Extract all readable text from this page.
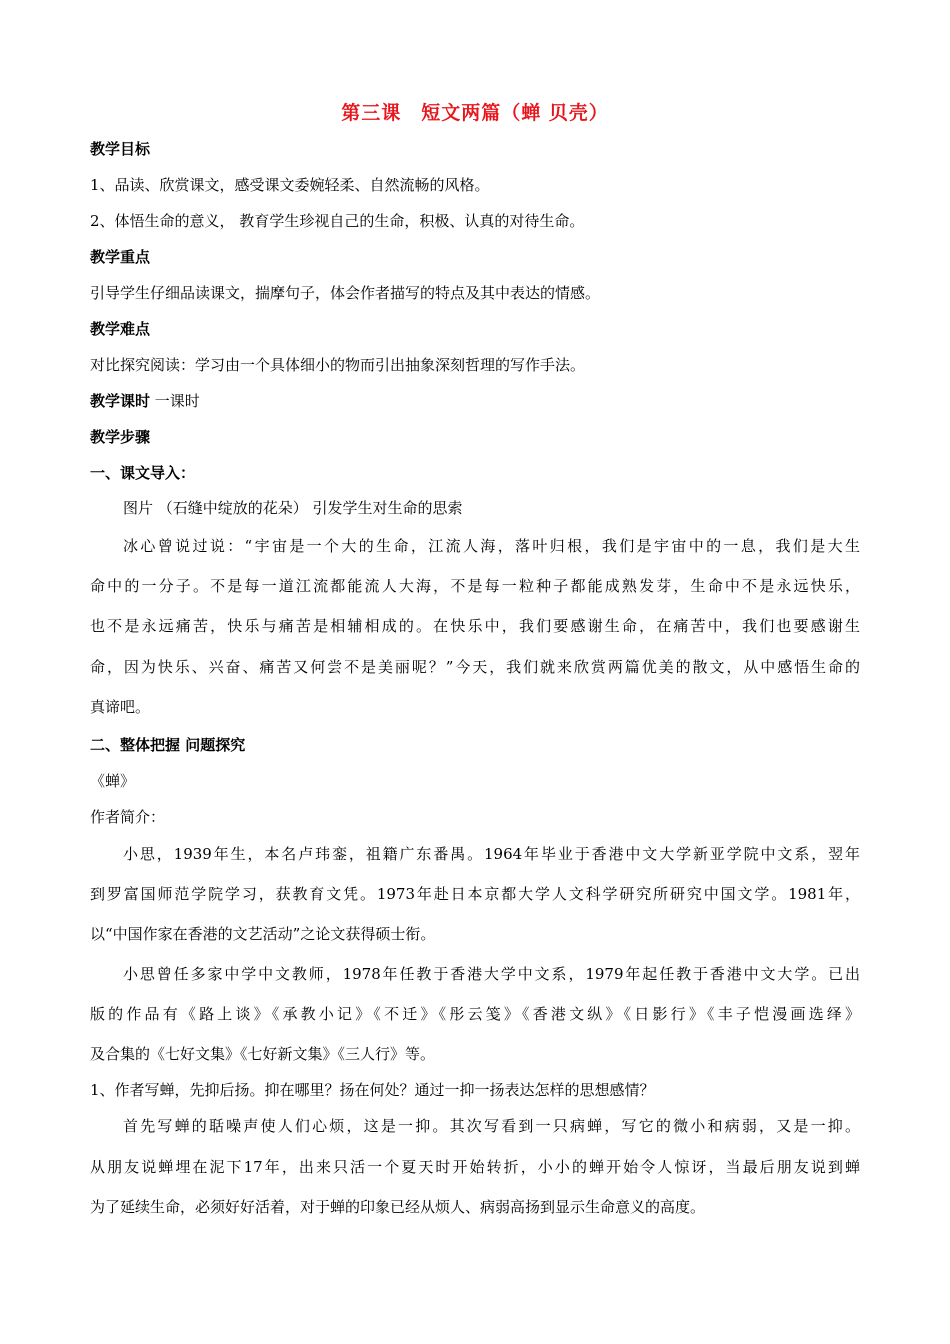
第三课　短文两篇（蝉 贝壳）
教学目标
1、品读、欣赏课文，感受课文委婉轻柔、自然流畅的风格。
2、体悟生命的意义， 教育学生珍视自己的生命，积极、认真的对待生命。
教学重点
引导学生仔细品读课文，揣摩句子，体会作者描写的特点及其中表达的情感。
教学难点
对比探究阅读：学习由一个具体细小的物而引出抽象深刻哲理的写作手法。
教学课时 一课时
教学步骤
一、课文导入：
图片 （石缝中绽放的花朵） 引发学生对生命的思索
冰心曾说过说：“宇宙是一个大的生命，江流人海，落叶归根，我们是宇宙中的一息，我们是大生
命中的一分子。不是每一道江流都能流人大海，不是每一粒种子都能成熟发芽，生命中不是永远快乐，
也不是永远痛苦，快乐与痛苦是相辅相成的。在快乐中，我们要感谢生命，在痛苦中，我们也要感谢生
命，因为快乐、兴奋、痛苦又何尝不是美丽呢？”今天，我们就来欣赏两篇优美的散文，从中感悟生命的
真谛吧。
二、整体把握 问题探究
《蝉》
作者简介：
小思，1939年生，本名卢玮銮，祖籍广东番禺。1964年毕业于香港中文大学新亚学院中文系，翌年
到罗富国师范学院学习，获教育文凭。1973年赴日本京都大学人文科学研究所研究中国文学。1981年，
以“中国作家在香港的文艺活动”之论文获得硕士衔。
小思曾任多家中学中文教师，1978年任教于香港大学中文系，1979年起任教于香港中文大学。已出
版的作品有《路上谈》《承教小记》《不迁》《彤云笺》《香港文纵》《日影行》《丰子恺漫画选绎》
及合集的《七好文集》《七好新文集》《三人行》等。
1、作者写蝉，先抑后扬。抑在哪里？扬在何处？通过一抑一扬表达怎样的思想感情？
首先写蝉的聒噪声使人们心烦，这是一抑。其次写看到一只病蝉，写它的微小和病弱，又是一抑。
从朋友说蝉埋在泥下17年，出来只活一个夏天时开始转折，小小的蝉开始令人惊讶，当最后朋友说到蝉
为了延续生命，必须好好活着，对于蝉的印象已经从烦人、病弱高扬到显示生命意义的高度。
